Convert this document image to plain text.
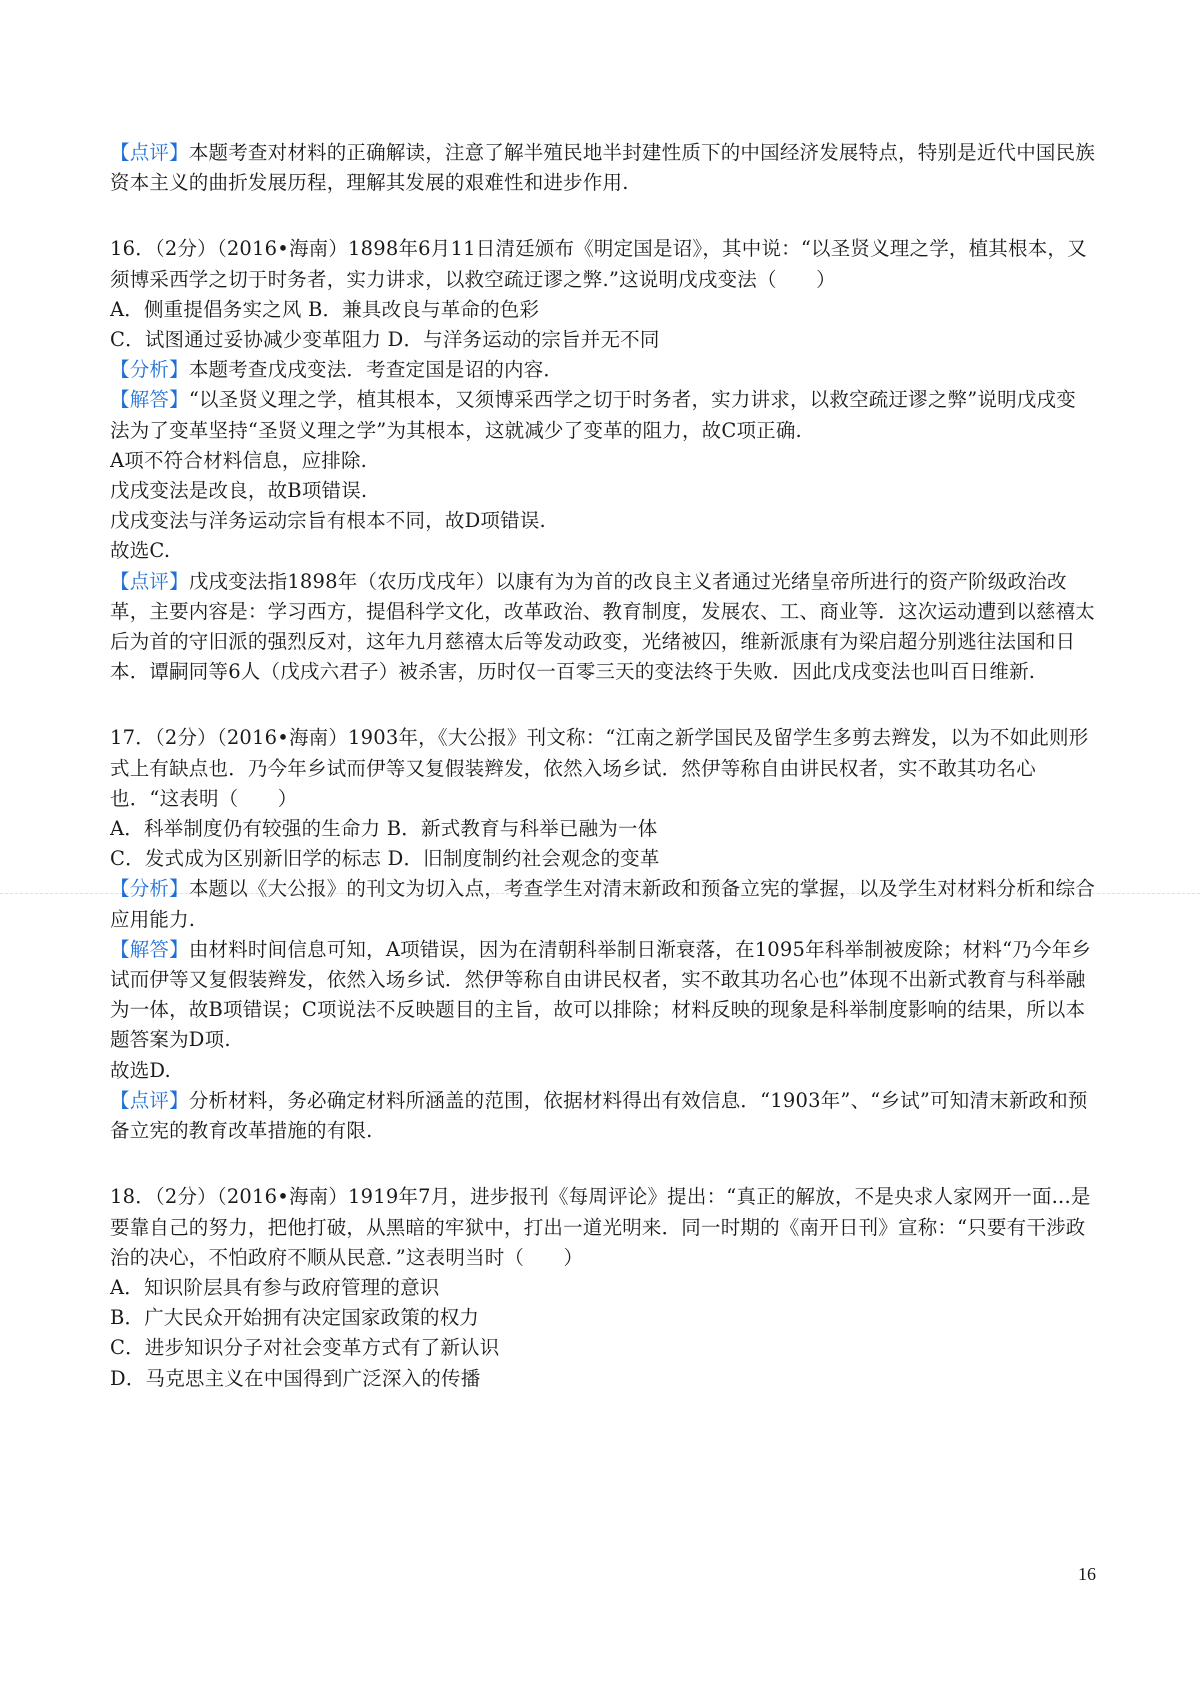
【点评】本题考查对材料的正确解读，注意了解半殖民地半封建性质下的中国经济发展特点，特别是近代中国民族资本主义的曲折发展历程，理解其发展的艰难性和进步作用.

16．（2分）（2016•海南）1898年6月11日清廷颁布《明定国是诏》，其中说：“以圣贤义理之学，植其根本，又须博采西学之切于时务者，实力讲求，以救空疏迂谬之弊.”这说明戊戌变法（　　）

A．侧重提倡务实之风 B．兼具改良与革命的色彩

C．试图通过妥协减少变革阻力 D．与洋务运动的宗旨并无不同

【分析】本题考查戊戌变法．考查定国是诏的内容．

【解答】“以圣贤义理之学，植其根本，又须博采西学之切于时务者，实力讲求，以救空疏迂谬之弊”说明戊戌变法为了变革坚持“圣贤义理之学”为其根本，这就减少了变革的阻力，故C项正确.

A项不符合材料信息，应排除.

戊戌变法是改良，故B项错误.

戊戌变法与洋务运动宗旨有根本不同，故D项错误.

故选C.

【点评】戊戌变法指1898年（农历戊戌年）以康有为为首的改良主义者通过光绪皇帝所进行的资产阶级政治改革，主要内容是：学习西方，提倡科学文化，改革政治、教育制度，发展农、工、商业等．这次运动遭到以慈禧太后为首的守旧派的强烈反对，这年九月慈禧太后等发动政变，光绪被囚，维新派康有为梁启超分别逃往法国和日本．谭嗣同等6人（戊戌六君子）被杀害，历时仅一百零三天的变法终于失败．因此戊戌变法也叫百日维新.

17．（2分）（2016•海南）1903年，《大公报》刊文称：“江南之新学国民及留学生多剪去辫发，以为不如此则形式上有缺点也．乃今年乡试而伊等又复假装辫发，依然入场乡试．然伊等称自由讲民权者，实不敢其功名心也．“这表明（　　）

A．科举制度仍有较强的生命力 B．新式教育与科举已融为一体

C．发式成为区别新旧学的标志 D．旧制度制约社会观念的变革

【分析】本题以《大公报》的刊文为切入点，考查学生对清末新政和预备立宪的掌握，以及学生对材料分析和综合应用能力.

【解答】由材料时间信息可知，A项错误，因为在清朝科举制日渐衰落，在1095年科举制被废除；材料“乃今年乡试而伊等又复假装辫发，依然入场乡试．然伊等称自由讲民权者，实不敢其功名心也”体现不出新式教育与科举融为一体，故B项错误；C项说法不反映题目的主旨，故可以排除；材料反映的现象是科举制度影响的结果，所以本题答案为D项.

故选D.

【点评】分析材料，务必确定材料所涵盖的范围，依据材料得出有效信息．“1903年”、“乡试”可知清末新政和预备立宪的教育改革措施的有限.

18．（2分）（2016•海南）1919年7月，进步报刊《每周评论》提出：“真正的解放，不是央求人家网开一面...是要靠自己的努力，把他打破，从黑暗的牢狱中，打出一道光明来．同一时期的《南开日刊》宣称：“只要有干涉政治的决心，不怕政府不顺从民意．”这表明当时（　　）

A．知识阶层具有参与政府管理的意识

B．广大民众开始拥有决定国家政策的权力

C．进步知识分子对社会变革方式有了新认识

D．马克思主义在中国得到广泛深入的传播

16
